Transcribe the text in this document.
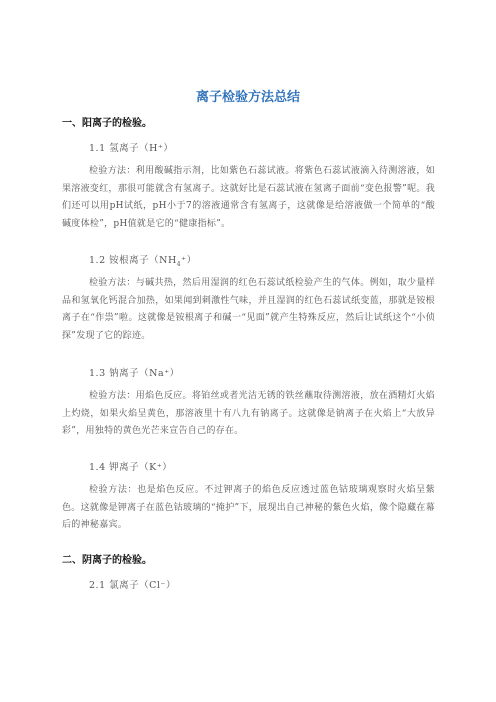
离子检验方法总结
一、阳离子的检验。
1.1 氢离子（H⁺）

检验方法：利用酸碱指示剂，比如紫色石蕊试液。将紫色石蕊试液滴入待测溶液，如果溶液变红，那很可能就含有氢离子。这就好比是石蕊试液在氢离子面前“变色报警”呢。我们还可以用pH试纸，pH小于7的溶液通常含有氢离子，这就像是给溶液做一个简单的“酸碱度体检”，pH值就是它的“健康指标”。

1.2 铵根离子$(NH_4^+)$

检验方法：与碱共热，然后用湿润的红色石蕊试纸检验产生的气体。例如，取少量样品和氢氧化钙混合加热，如果闻到刺激性气味，并且湿润的红色石蕊试纸变蓝，那就是铵根离子在“作祟”啦。这就像是铵根离子和碱一“见面”就产生特殊反应，然后让试纸这个“小侦探”发现了它的踪迹。

1.3 钠离子（Na⁺）

检验方法：用焰色反应。将铂丝或者光洁无锈的铁丝蘸取待测溶液，放在酒精灯火焰上灼烧，如果火焰呈黄色，那溶液里十有八九有钠离子。这就像是钠离子在火焰上“大放异彩”，用独特的黄色光芒来宣告自己的存在。

1.4 钾离子（K⁺）

检验方法：也是焰色反应。不过钾离子的焰色反应透过蓝色钴玻璃观察时火焰呈紫色。这就像是钾离子在蓝色钴玻璃的“掩护”下，展现出自己神秘的紫色火焰，像个隐藏在幕后的神秘嘉宾。

二、阴离子的检验。
2.1 氯离子（Cl⁻）
